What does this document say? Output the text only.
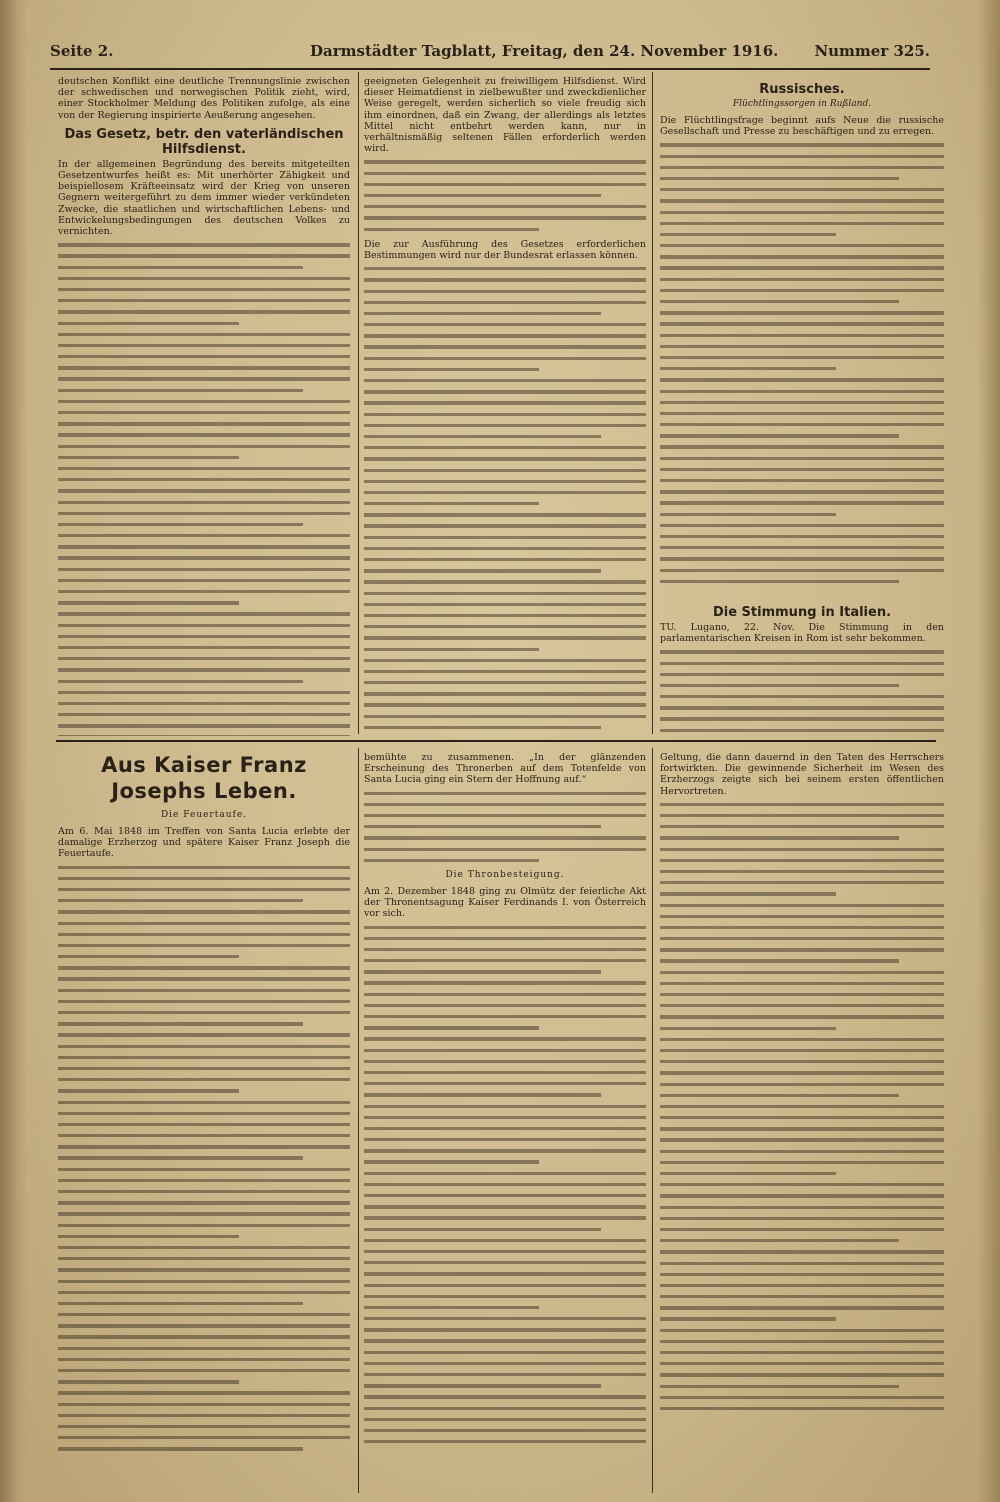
Seite 2.	Darmstädter Tagblatt, Freitag, den 24. November 1916. Nummer 325.

deutschen Konflikt eine deutliche Trennungslinie zwischen der schwedischen und norwegischen Politik zieht, wird, einer Stockholmer Meldung des Politiken zufolge, als eine von der Regierung inspirierte Aeußerung angesehen.

Das Gesetz, betr. den vaterländischen Hilfsdienst.

In der allgemeinen Begründung des bereits mitgeteilten Gesetzentwurfes heißt es: Mit unerhörter Zähigkeit und beispiellosem Kräfteeinsatz wird der Krieg von unseren Gegnern weitergeführt zu dem immer wieder verkündeten Zwecke, die staatlichen und wirtschaftlichen Lebens- und Entwickelungsbedingungen des deutschen Volkes zu vernichten.

geeigneten Gelegenheit zu freiwilligem Hilfsdienst. Wird dieser Heimatdienst in zielbewußter und zweckdienlicher Weise geregelt, werden sicherlich so viele freudig sich ihm einordnen, daß ein Zwang, der allerdings als letztes Mittel nicht entbehrt werden kann, nur in verhältnismäßig seltenen Fällen erforderlich werden wird.

Die zur Ausführung des Gesetzes erforderlichen Bestimmungen wird nur der Bundesrat erlassen können.

Russisches.
Flüchtlingssorgen in Rußland.

Die Flüchtlingsfrage beginnt aufs Neue die russische Gesellschaft und Presse zu beschäftigen und zu erregen.

Die Stimmung in Italien.

TU. Lugano, 22. Nov. Die Stimmung in den parlamentarischen Kreisen in Rom ist sehr bekommen.

Aus Kaiser Franz Josephs Leben.
Die Feuertaufe.

Am 6. Mai 1848 im Treffen von Santa Lucia erlebte der damalige Erzherzog und spätere Kaiser Franz Joseph die Feuertaufe.

bemühte zu zusammenen. „In der glänzenden Erscheinung des Thronerben auf dem Totenfelde von Santa Lucia ging ein Stern der Hoffnung auf.“

Die Thronbesteigung.

Am 2. Dezember 1848 ging zu Olmütz der feierliche Akt der Thronentsagung Kaiser Ferdinands I. von Österreich vor sich.

Geltung, die dann dauernd in den Taten des Herrschers fortwirkten. Die gewinnende Sicherheit im Wesen des Erzherzogs zeigte sich bei seinem ersten öffentlichen Hervortreten.
